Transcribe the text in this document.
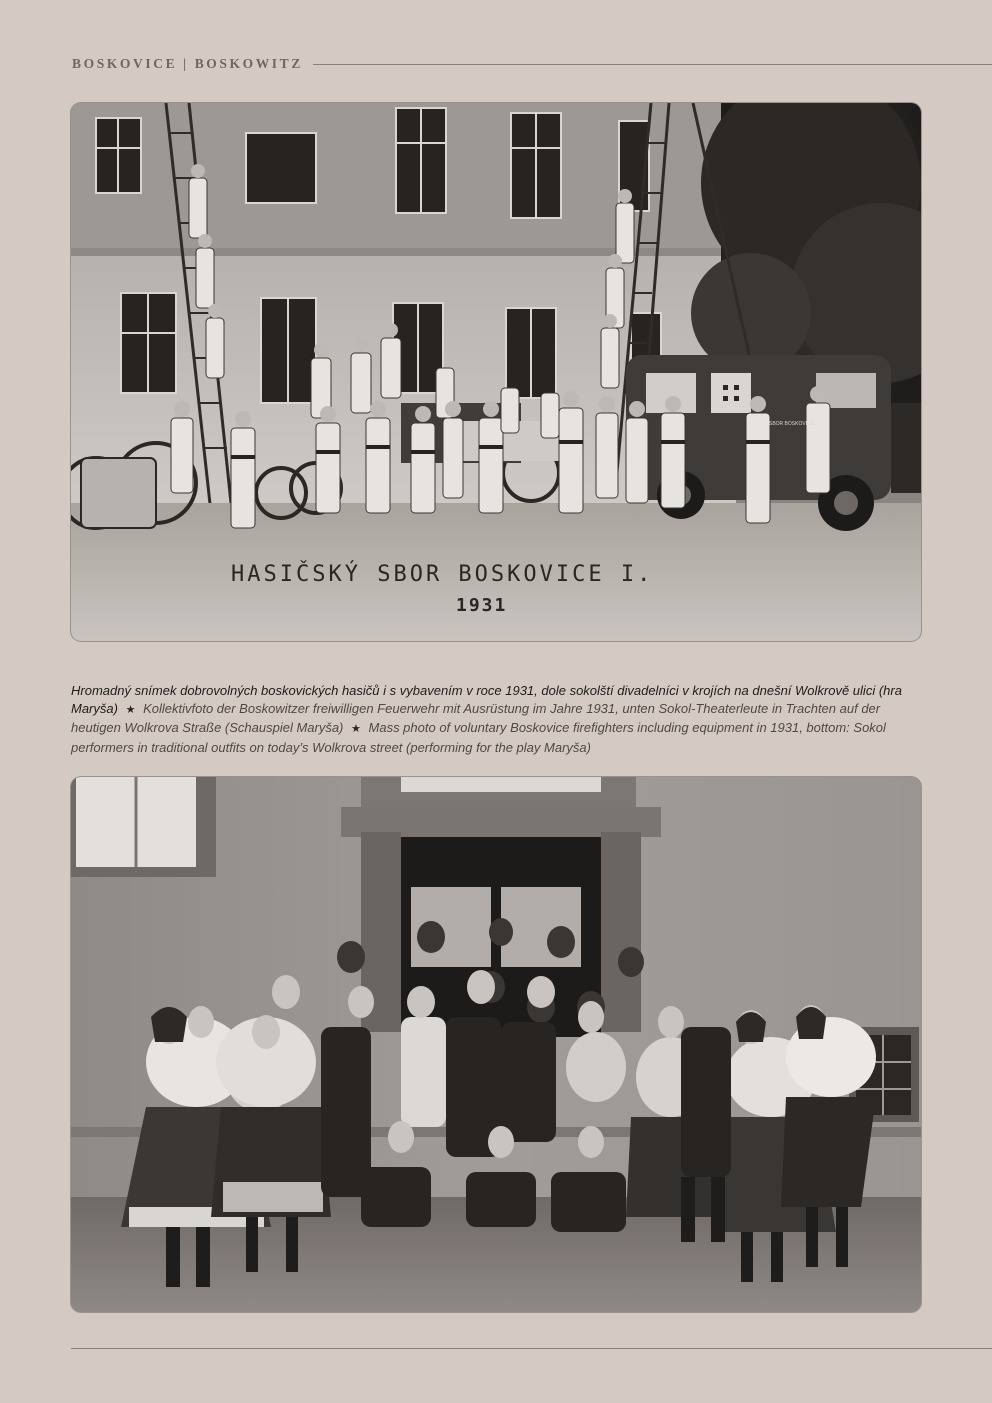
BOSKOVICE | BOSKOWITZ
HASIČSKÝ SBOR BOSKOVICE I.
1931
SBOR BOSKOVICE I.

Hromadný snímek dobrovolných boskovických hasičů i s vybavením v roce 1931, dole sokolští divadelníci v krojích na dnešní Wolkrově ulici (hra Maryša) ★ Kollektivfoto der Boskowitzer freiwilligen Feuerwehr mit Ausrüstung im Jahre 1931, unten Sokol-Theaterleute in Trachten auf der heutigen Wolkrova Straße (Schauspiel Maryša) ★ Mass photo of voluntary Boskovice firefighters including equipment in 1931, bottom: Sokol performers in traditional outfits on today’s Wolkrova street (performing for the play Maryša)
